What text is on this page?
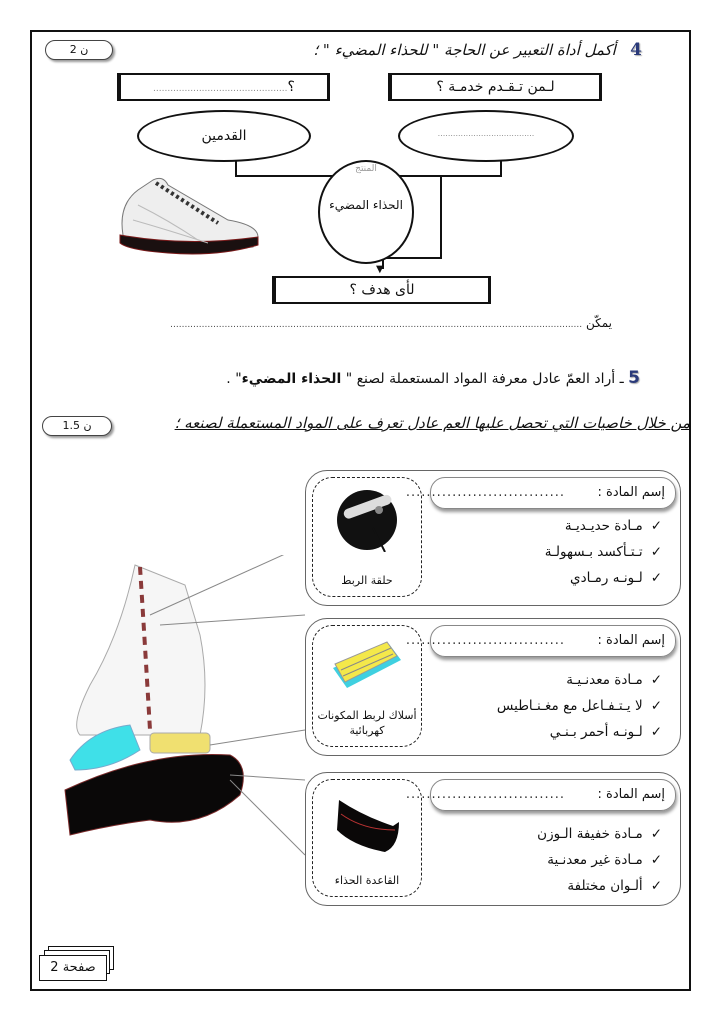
2 ن	4   أكمل أداة التعبير عن الحاجة " للحذاء المضيء " ؛
؟...............................................	لـمن تـقـدم خدمـة ؟
▼
القدمين	......................................
المنتج
الحذاء المضيء
لأى هدف ؟
يمكّن ................................................................................................................................................
5 ـ أراد العمّ عادل معرفة المواد المستعملة لصنع " الحذاء المضيء" .
1.5 ن	من خلال خاصيات التي تحصل عليها العم عادل تعرف على المواد المستعملة لصنعه ؛
حلقة الربط
إسم المادة :
...............................
✓مـادة حديـديـة
✓تـتـأكسد بـسهولـة
✓لـونـه رمـادي
أسلاك لربط المكونات كهربائية
إسم المادة :
...............................
✓مـادة معدنـيـة
✓لا يـتـفـاعل مع مغـنـاطيس
✓لـونـه أحمر بـنـي
القاعدة الحذاء
إسم المادة :
...............................
✓مـادة خفيفة الـوزن
✓مـادة غير معدنـية
✓ألـوان مختلفة
صفحة 2
